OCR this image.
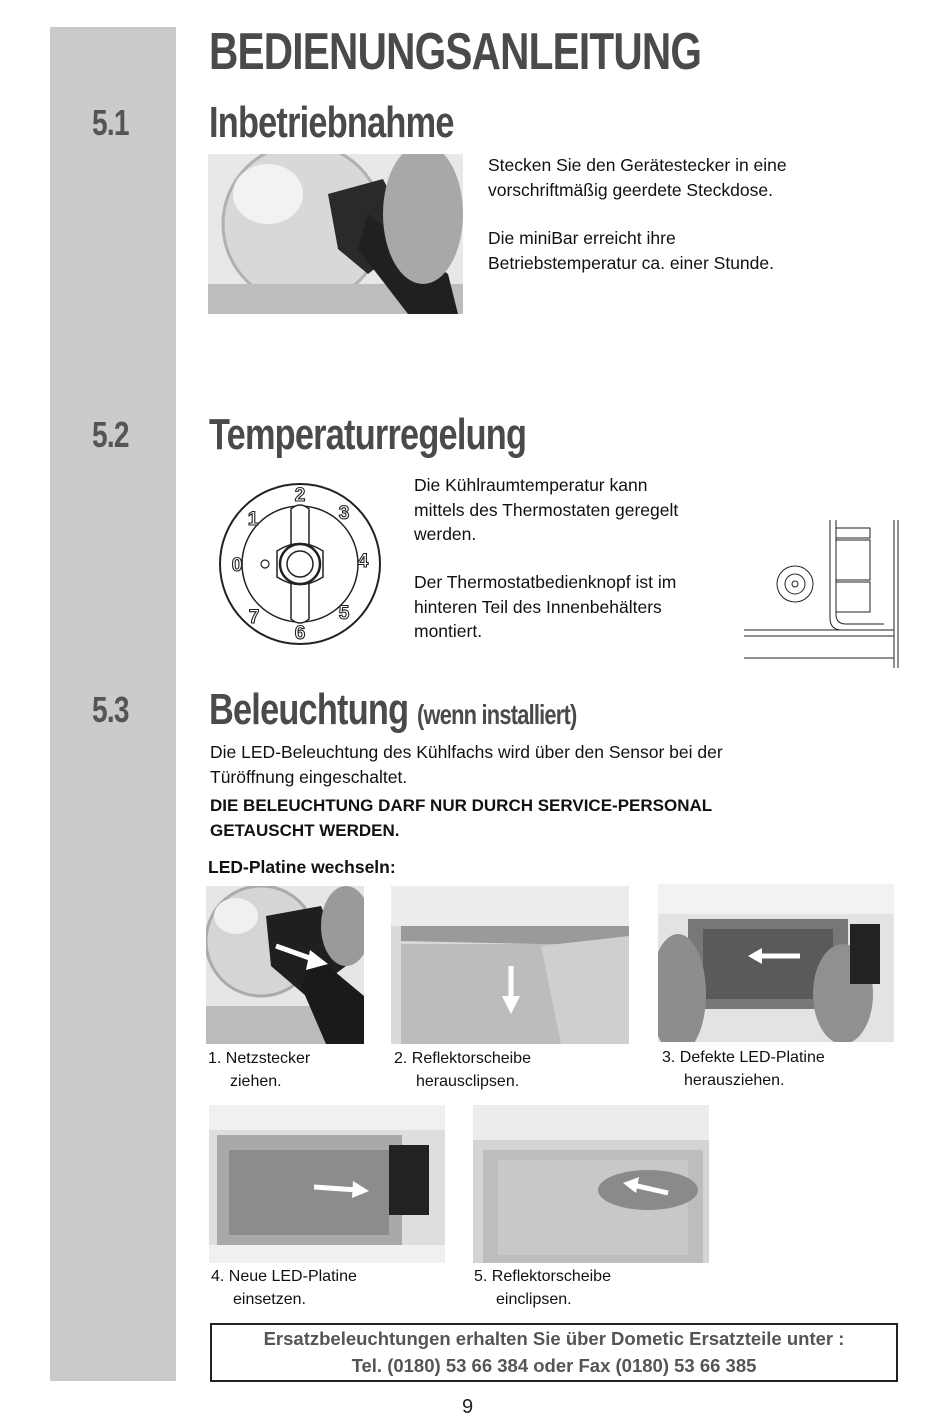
BEDIENUNGSANLEITUNG
5.1 Inbetriebnahme
Stecken Sie den Gerätestecker in eine
vorschriftmäßig geerdete Steckdose.
Die miniBar erreicht ihre
Betriebstemperatur ca. einer Stunde.
5.2 Temperaturregelung
0
1
2
3
4
5
6
7
Die Kühlraumtemperatur kann
mittels des Thermostaten geregelt
werden.
Der Thermostatbedienknopf ist im
hinteren Teil des Innenbehälters
montiert.
5.3 Beleuchtung (wenn installiert)
Die LED-Beleuchtung des Kühlfachs wird über den Sensor bei der
Türöffnung eingeschaltet.
DIE BELEUCHTUNG DARF NUR DURCH SERVICE-PERSONAL
GETAUSCHT WERDEN.
LED-Platine wechseln:
1. Netzstecker
ziehen.
2. Reflektorscheibe
herausclipsen.
3. Defekte LED-Platine
herausziehen.
4. Neue LED-Platine
einsetzen.
5. Reflektorscheibe
einclipsen.
Ersatzbeleuchtungen erhalten Sie über Dometic Ersatzteile unter :
Tel. (0180) 53 66 384 oder Fax (0180) 53 66 385
9
